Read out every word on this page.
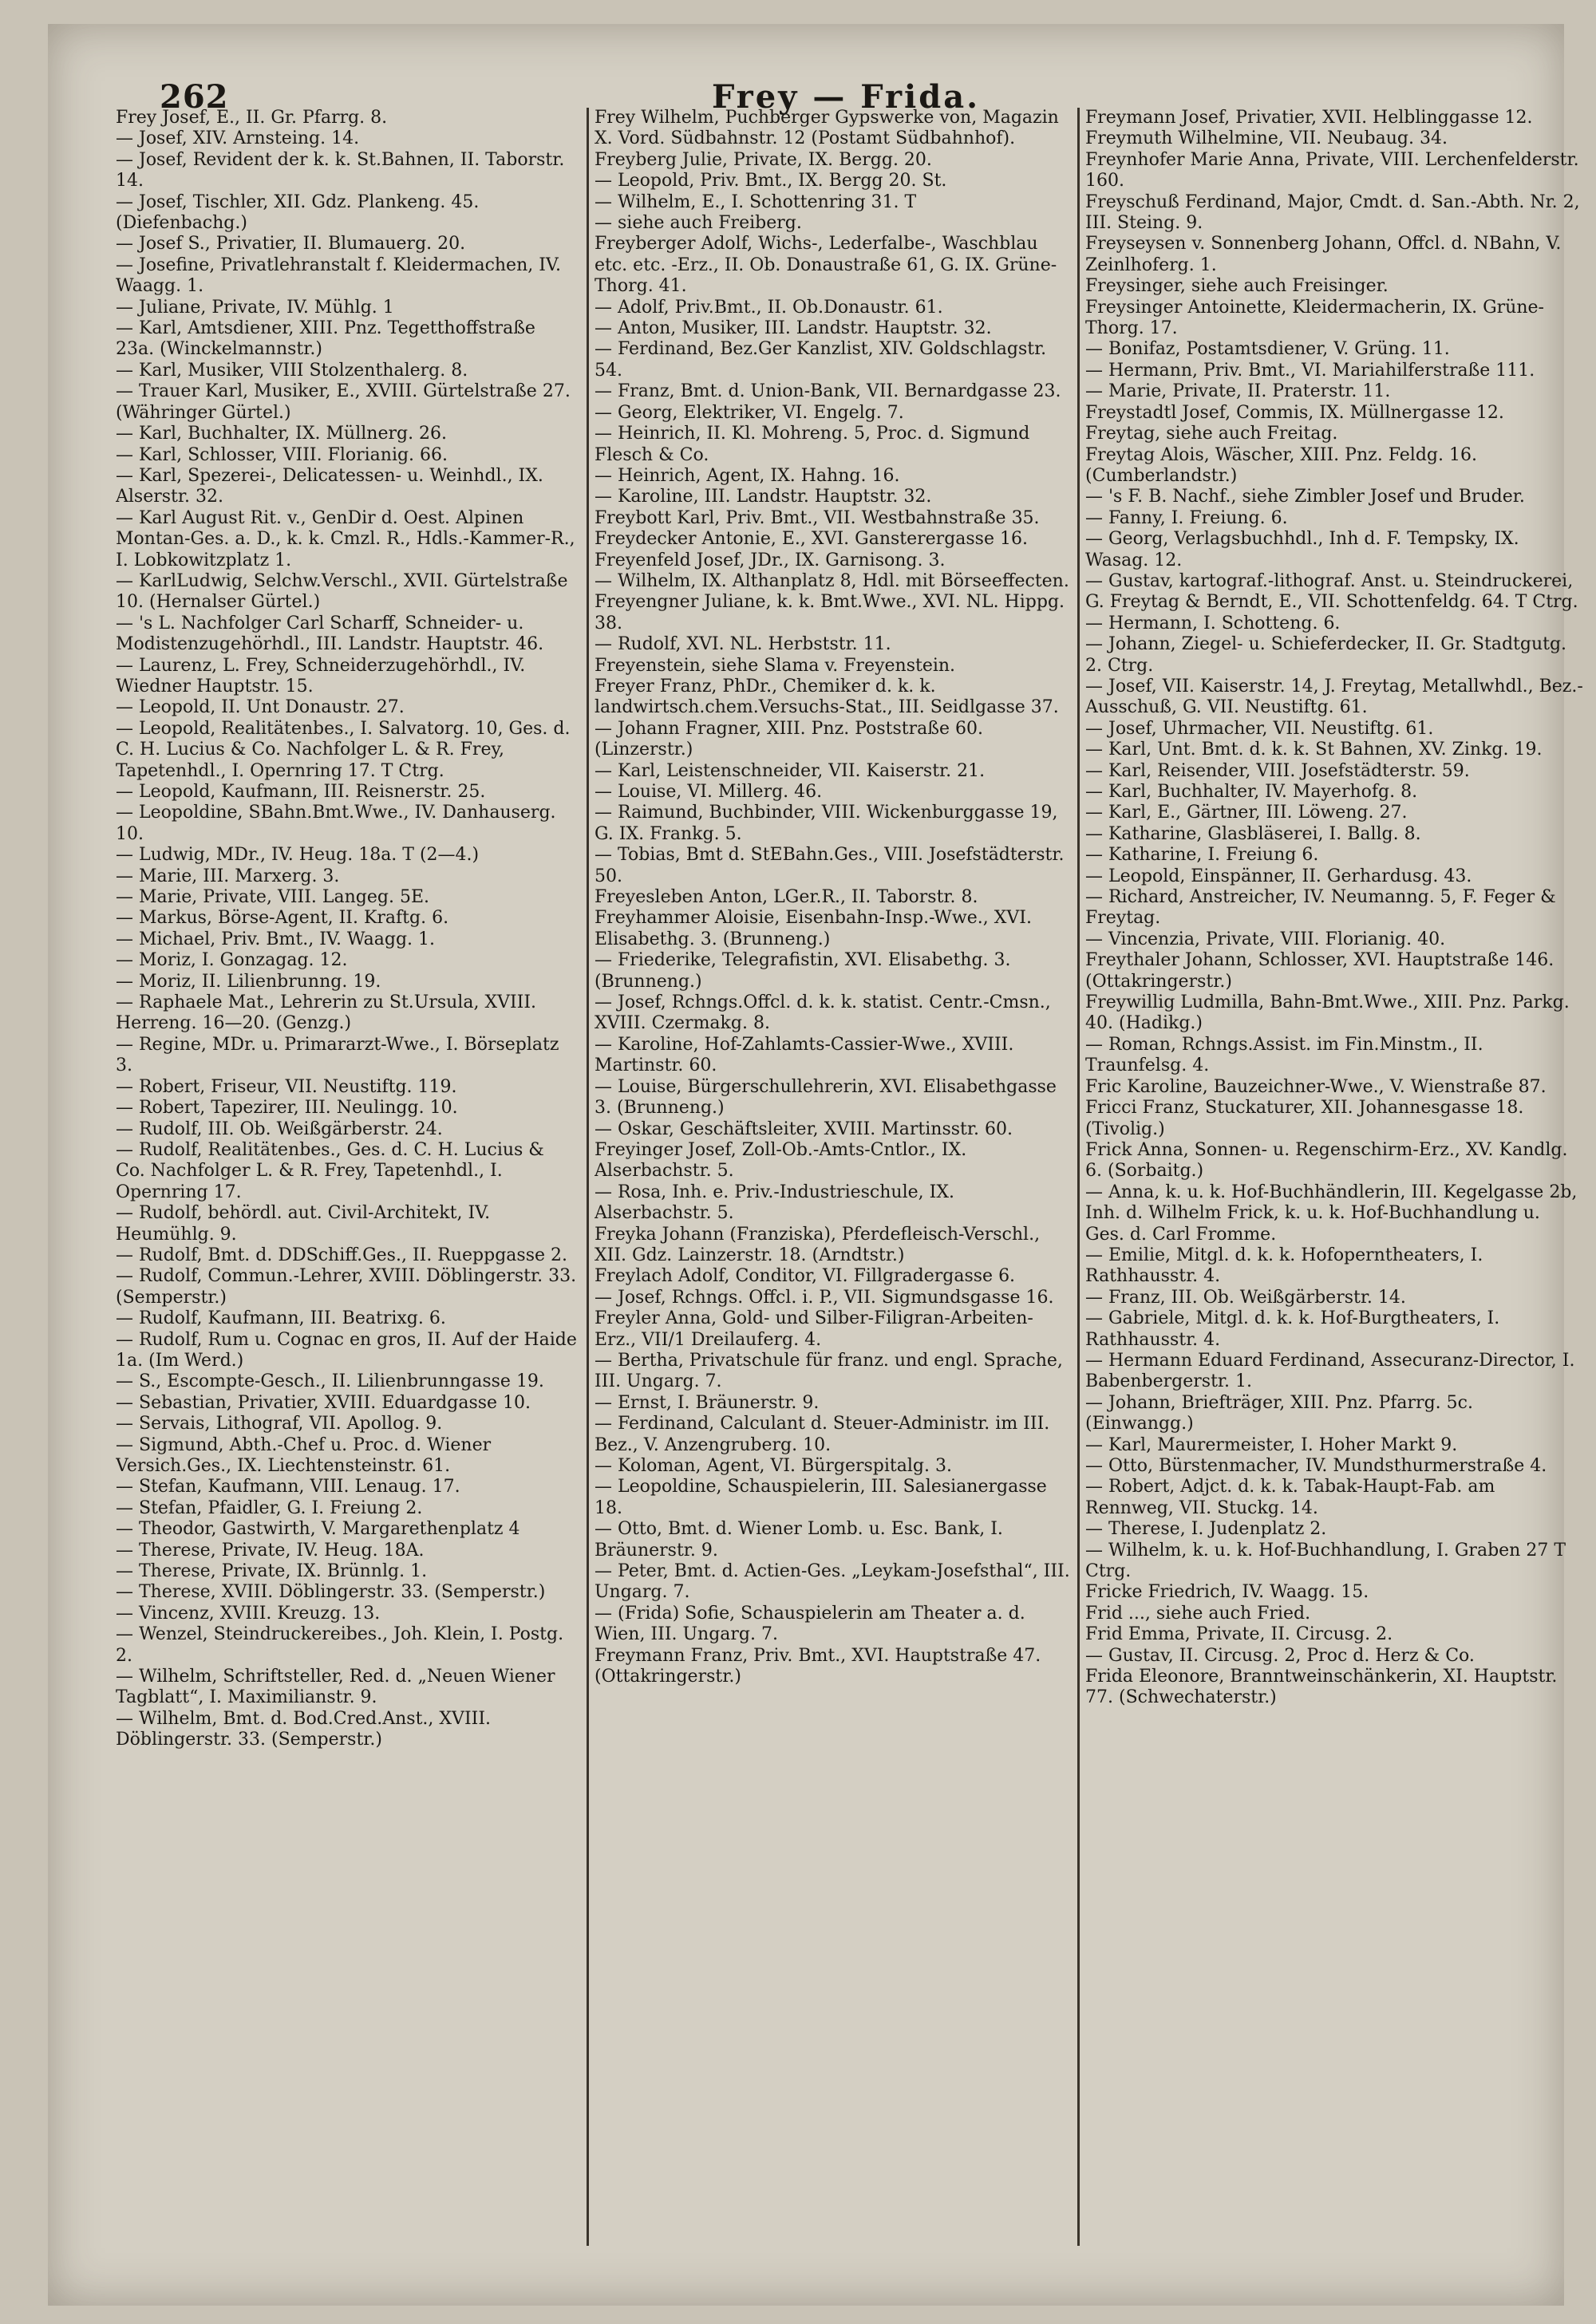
262	Frey — Frida.
Frey Josef, E., II. Gr. Pfarrg. 8.
— Josef, XIV. Arnsteing. 14.
— Josef, Revident der k. k. St.Bahnen, II. Taborstr. 14.
— Josef, Tischler, XII. Gdz. Plankeng. 45. (Diefenbachg.)
— Josef S., Privatier, II. Blumauerg. 20.
— Josefine, Privatlehranstalt f. Kleidermachen, IV. Waagg. 1.
— Juliane, Private, IV. Mühlg. 1
— Karl, Amtsdiener, XIII. Pnz. Tegetthoffstraße 23a. (Winckelmannstr.)
— Karl, Musiker, VIII Stolzenthalerg. 8.
— Trauer Karl, Musiker, E., XVIII. Gürtelstraße 27. (Währinger Gürtel.)
— Karl, Buchhalter, IX. Müllnerg. 26.
— Karl, Schlosser, VIII. Florianig. 66.
— Karl, Spezerei-, Delicatessen- u. Weinhdl., IX. Alserstr. 32.
— Karl August Rit. v., GenDir d. Oest. Alpinen Montan-Ges. a. D., k. k. Cmzl. R., Hdls.-Kammer-R., I. Lobkowitzplatz 1.
— KarlLudwig, Selchw.Verschl., XVII. Gürtelstraße 10. (Hernalser Gürtel.)
— 's L. Nachfolger Carl Scharff, Schneider- u. Modistenzugehörhdl., III. Landstr. Hauptstr. 46.
— Laurenz, L. Frey, Schneiderzugehörhdl., IV. Wiedner Hauptstr. 15.
— Leopold, II. Unt Donaustr. 27.
— Leopold, Realitätenbes., I. Salvatorg. 10, Ges. d. C. H. Lucius & Co. Nachfolger L. & R. Frey, Tapetenhdl., I. Opernring 17. T Ctrg.
— Leopold, Kaufmann, III. Reisnerstr. 25.
— Leopoldine, SBahn.Bmt.Wwe., IV. Danhauserg. 10.
— Ludwig, MDr., IV. Heug. 18a. T (2—4.)
— Marie, III. Marxerg. 3.
— Marie, Private, VIII. Langeg. 5E.
— Markus, Börse-Agent, II. Kraftg. 6.
— Michael, Priv. Bmt., IV. Waagg. 1.
— Moriz, I. Gonzagag. 12.
— Moriz, II. Lilienbrunng. 19.
— Raphaele Mat., Lehrerin zu St.Ursula, XVIII. Herreng. 16—20. (Genzg.)
— Regine, MDr. u. Primararzt-Wwe., I. Börseplatz 3.
— Robert, Friseur, VII. Neustiftg. 119.
— Robert, Tapezirer, III. Neulingg. 10.
— Rudolf, III. Ob. Weißgärberstr. 24.
— Rudolf, Realitätenbes., Ges. d. C. H. Lucius & Co. Nachfolger L. & R. Frey, Tapetenhdl., I. Opernring 17.
— Rudolf, behördl. aut. Civil-Architekt, IV. Heumühlg. 9.
— Rudolf, Bmt. d. DDSchiff.Ges., II. Rueppgasse 2.
— Rudolf, Commun.-Lehrer, XVIII. Döblingerstr. 33. (Semperstr.)
— Rudolf, Kaufmann, III. Beatrixg. 6.
— Rudolf, Rum u. Cognac en gros, II. Auf der Haide 1a. (Im Werd.)
— S., Escompte-Gesch., II. Lilienbrunngasse 19.
— Sebastian, Privatier, XVIII. Eduardgasse 10.
— Servais, Lithograf, VII. Apollog. 9.
— Sigmund, Abth.-Chef u. Proc. d. Wiener Versich.Ges., IX. Liechtensteinstr. 61.
— Stefan, Kaufmann, VIII. Lenaug. 17.
— Stefan, Pfaidler, G. I. Freiung 2.
— Theodor, Gastwirth, V. Margarethenplatz 4
— Therese, Private, IV. Heug. 18A.
— Therese, Private, IX. Brünnlg. 1.
— Therese, XVIII. Döblingerstr. 33. (Semperstr.)
— Vincenz, XVIII. Kreuzg. 13.
— Wenzel, Steindruckereibes., Joh. Klein, I. Postg. 2.
— Wilhelm, Schriftsteller, Red. d. „Neuen Wiener Tagblatt“, I. Maximilianstr. 9.
— Wilhelm, Bmt. d. Bod.Cred.Anst., XVIII. Döblingerstr. 33. (Semperstr.)
Frey Wilhelm, Puchberger Gypswerke von, Magazin X. Vord. Südbahnstr. 12 (Postamt Südbahnhof).
Freyberg Julie, Private, IX. Bergg. 20.
— Leopold, Priv. Bmt., IX. Bergg 20. St.
— Wilhelm, E., I. Schottenring 31. T
— siehe auch Freiberg.
Freyberger Adolf, Wichs-, Lederfalbe-, Waschblau etc. etc. -Erz., II. Ob. Donaustraße 61, G. IX. Grüne-Thorg. 41.
— Adolf, Priv.Bmt., II. Ob.Donaustr. 61.
— Anton, Musiker, III. Landstr. Hauptstr. 32.
— Ferdinand, Bez.Ger Kanzlist, XIV. Goldschlagstr. 54.
— Franz, Bmt. d. Union-Bank, VII. Bernardgasse 23.
— Georg, Elektriker, VI. Engelg. 7.
— Heinrich, II. Kl. Mohreng. 5, Proc. d. Sigmund Flesch & Co.
— Heinrich, Agent, IX. Hahng. 16.
— Karoline, III. Landstr. Hauptstr. 32.
Freybott Karl, Priv. Bmt., VII. Westbahnstraße 35.
Freydecker Antonie, E., XVI. Gansterergasse 16.
Freyenfeld Josef, JDr., IX. Garnisong. 3.
— Wilhelm, IX. Althanplatz 8, Hdl. mit Börseeffecten.
Freyengner Juliane, k. k. Bmt.Wwe., XVI. NL. Hippg. 38.
— Rudolf, XVI. NL. Herbststr. 11.
Freyenstein, siehe Slama v. Freyenstein.
Freyer Franz, PhDr., Chemiker d. k. k. landwirtsch.chem.Versuchs-Stat., III. Seidlgasse 37.
— Johann Fragner, XIII. Pnz. Poststraße 60. (Linzerstr.)
— Karl, Leistenschneider, VII. Kaiserstr. 21.
— Louise, VI. Millerg. 46.
— Raimund, Buchbinder, VIII. Wickenburggasse 19, G. IX. Frankg. 5.
— Tobias, Bmt d. StEBahn.Ges., VIII. Josefstädterstr. 50.
Freyesleben Anton, LGer.R., II. Taborstr. 8.
Freyhammer Aloisie, Eisenbahn-Insp.-Wwe., XVI. Elisabethg. 3. (Brunneng.)
— Friederike, Telegrafistin, XVI. Elisabethg. 3. (Brunneng.)
— Josef, Rchngs.Offcl. d. k. k. statist. Centr.-Cmsn., XVIII. Czermakg. 8.
— Karoline, Hof-Zahlamts-Cassier-Wwe., XVIII. Martinstr. 60.
— Louise, Bürgerschullehrerin, XVI. Elisabethgasse 3. (Brunneng.)
— Oskar, Geschäftsleiter, XVIII. Martinsstr. 60.
Freyinger Josef, Zoll-Ob.-Amts-Cntlor., IX. Alserbachstr. 5.
— Rosa, Inh. e. Priv.-Industrieschule, IX. Alserbachstr. 5.
Freyka Johann (Franziska), Pferdefleisch-Verschl., XII. Gdz. Lainzerstr. 18. (Arndtstr.)
Freylach Adolf, Conditor, VI. Fillgradergasse 6.
— Josef, Rchngs. Offcl. i. P., VII. Sigmundsgasse 16.
Freyler Anna, Gold- und Silber-Filigran-Arbeiten-Erz., VII/1 Dreilauferg. 4.
— Bertha, Privatschule für franz. und engl. Sprache, III. Ungarg. 7.
— Ernst, I. Bräunerstr. 9.
— Ferdinand, Calculant d. Steuer-Administr. im III. Bez., V. Anzengruberg. 10.
— Koloman, Agent, VI. Bürgerspitalg. 3.
— Leopoldine, Schauspielerin, III. Salesianergasse 18.
— Otto, Bmt. d. Wiener Lomb. u. Esc. Bank, I. Bräunerstr. 9.
— Peter, Bmt. d. Actien-Ges. „Leykam-Josefsthal“, III. Ungarg. 7.
— (Frida) Sofie, Schauspielerin am Theater a. d. Wien, III. Ungarg. 7.
Freymann Franz, Priv. Bmt., XVI. Hauptstraße 47. (Ottakringerstr.)
Freymann Josef, Privatier, XVII. Helblinggasse 12.
Freymuth Wilhelmine, VII. Neubaug. 34.
Freynhofer Marie Anna, Private, VIII. Lerchenfelderstr. 160.
Freyschuß Ferdinand, Major, Cmdt. d. San.-Abth. Nr. 2, III. Steing. 9.
Freyseysen v. Sonnenberg Johann, Offcl. d. NBahn, V. Zeinlhoferg. 1.
Freysinger, siehe auch Freisinger.
Freysinger Antoinette, Kleidermacherin, IX. Grüne-Thorg. 17.
— Bonifaz, Postamtsdiener, V. Grüng. 11.
— Hermann, Priv. Bmt., VI. Mariahilferstraße 111.
— Marie, Private, II. Praterstr. 11.
Freystadtl Josef, Commis, IX. Müllnergasse 12.
Freytag, siehe auch Freitag.
Freytag Alois, Wäscher, XIII. Pnz. Feldg. 16. (Cumberlandstr.)
— 's F. B. Nachf., siehe Zimbler Josef und Bruder.
— Fanny, I. Freiung. 6.
— Georg, Verlagsbuchhdl., Inh d. F. Tempsky, IX. Wasag. 12.
— Gustav, kartograf.-lithograf. Anst. u. Steindruckerei, G. Freytag & Berndt, E., VII. Schottenfeldg. 64. T Ctrg.
— Hermann, I. Schotteng. 6.
— Johann, Ziegel- u. Schieferdecker, II. Gr. Stadtgutg. 2. Ctrg.
— Josef, VII. Kaiserstr. 14, J. Freytag, Metallwhdl., Bez.-Ausschuß, G. VII. Neustiftg. 61.
— Josef, Uhrmacher, VII. Neustiftg. 61.
— Karl, Unt. Bmt. d. k. k. St Bahnen, XV. Zinkg. 19.
— Karl, Reisender, VIII. Josefstädterstr. 59.
— Karl, Buchhalter, IV. Mayerhofg. 8.
— Karl, E., Gärtner, III. Löweng. 27.
— Katharine, Glasbläserei, I. Ballg. 8.
— Katharine, I. Freiung 6.
— Leopold, Einspänner, II. Gerhardusg. 43.
— Richard, Anstreicher, IV. Neumanng. 5, F. Feger & Freytag.
— Vincenzia, Private, VIII. Florianig. 40.
Freythaler Johann, Schlosser, XVI. Hauptstraße 146. (Ottakringerstr.)
Freywillig Ludmilla, Bahn-Bmt.Wwe., XIII. Pnz. Parkg. 40. (Hadikg.)
— Roman, Rchngs.Assist. im Fin.Minstm., II. Traunfelsg. 4.
Fric Karoline, Bauzeichner-Wwe., V. Wienstraße 87.
Fricci Franz, Stuckaturer, XII. Johannesgasse 18. (Tivolig.)
Frick Anna, Sonnen- u. Regenschirm-Erz., XV. Kandlg. 6. (Sorbaitg.)
— Anna, k. u. k. Hof-Buchhändlerin, III. Kegelgasse 2b, Inh. d. Wilhelm Frick, k. u. k. Hof-Buchhandlung u. Ges. d. Carl Fromme.
— Emilie, Mitgl. d. k. k. Hofoperntheaters, I. Rathhausstr. 4.
— Franz, III. Ob. Weißgärberstr. 14.
— Gabriele, Mitgl. d. k. k. Hof-Burgtheaters, I. Rathhausstr. 4.
— Hermann Eduard Ferdinand, Assecuranz-Director, I. Babenbergerstr. 1.
— Johann, Briefträger, XIII. Pnz. Pfarrg. 5c. (Einwangg.)
— Karl, Maurermeister, I. Hoher Markt 9.
— Otto, Bürstenmacher, IV. Mundsthurmerstraße 4.
— Robert, Adjct. d. k. k. Tabak-Haupt-Fab. am Rennweg, VII. Stuckg. 14.
— Therese, I. Judenplatz 2.
— Wilhelm, k. u. k. Hof-Buchhandlung, I. Graben 27 T Ctrg.
Fricke Friedrich, IV. Waagg. 15.
Frid ..., siehe auch Fried.
Frid Emma, Private, II. Circusg. 2.
— Gustav, II. Circusg. 2, Proc d. Herz & Co.
Frida Eleonore, Branntweinschänkerin, XI. Hauptstr. 77. (Schwechaterstr.)
